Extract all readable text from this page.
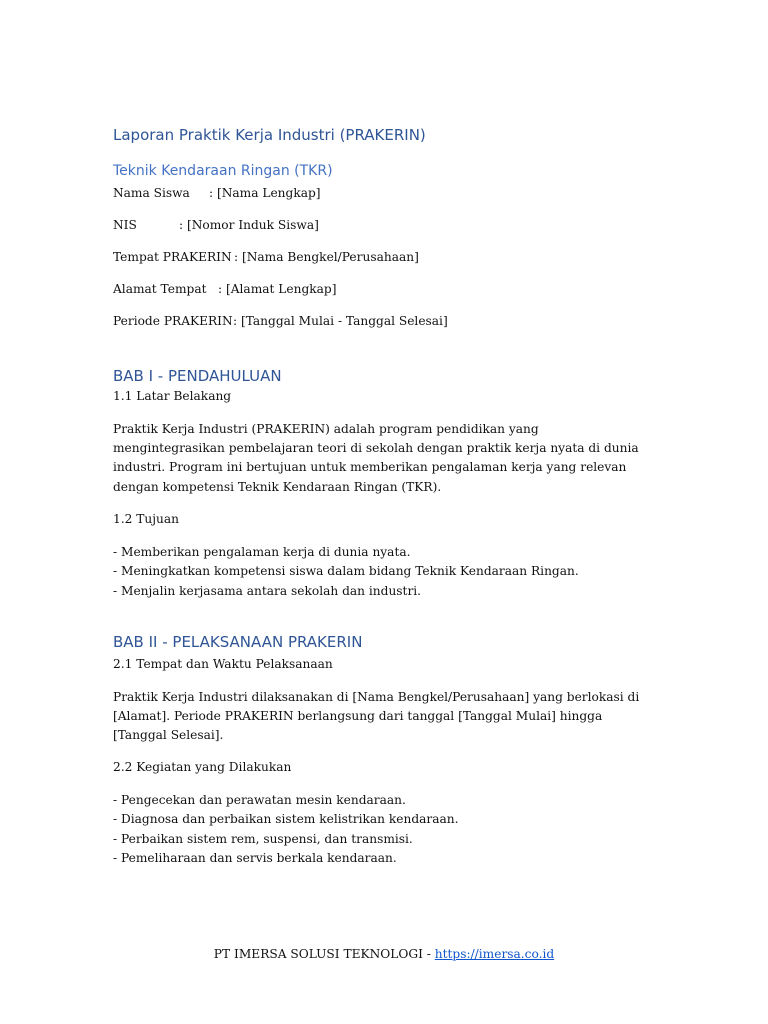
Laporan Praktik Kerja Industri (PRAKERIN)
Teknik Kendaraan Ringan (TKR)

Nama Siswa : [Nama Lengkap]

NIS	: [Nomor Induk Siswa]

Tempat PRAKERIN : [Nama Bengkel/Perusahaan]

Alamat Tempat : [Alamat Lengkap]

Periode PRAKERIN: [Tanggal Mulai - Tanggal Selesai]

BAB I - PENDAHULUAN

1.1 Latar Belakang

Praktik Kerja Industri (PRAKERIN) adalah program pendidikan yang mengintegrasikan pembelajaran teori di sekolah dengan praktik kerja nyata di dunia industri. Program ini bertujuan untuk memberikan pengalaman kerja yang relevan dengan kompetensi Teknik Kendaraan Ringan (TKR).

1.2 Tujuan

- Memberikan pengalaman kerja di dunia nyata.
- Meningkatkan kompetensi siswa dalam bidang Teknik Kendaraan Ringan.
- Menjalin kerjasama antara sekolah dan industri.
BAB II - PELAKSANAAN PRAKERIN

2.1 Tempat dan Waktu Pelaksanaan

Praktik Kerja Industri dilaksanakan di [Nama Bengkel/Perusahaan] yang berlokasi di [Alamat]. Periode PRAKERIN berlangsung dari tanggal [Tanggal Mulai] hingga [Tanggal Selesai].

2.2 Kegiatan yang Dilakukan

- Pengecekan dan perawatan mesin kendaraan.
- Diagnosa dan perbaikan sistem kelistrikan kendaraan.
- Perbaikan sistem rem, suspensi, dan transmisi.
- Pemeliharaan dan servis berkala kendaraan.
PT IMERSA SOLUSI TEKNOLOGI - https://imersa.co.id
